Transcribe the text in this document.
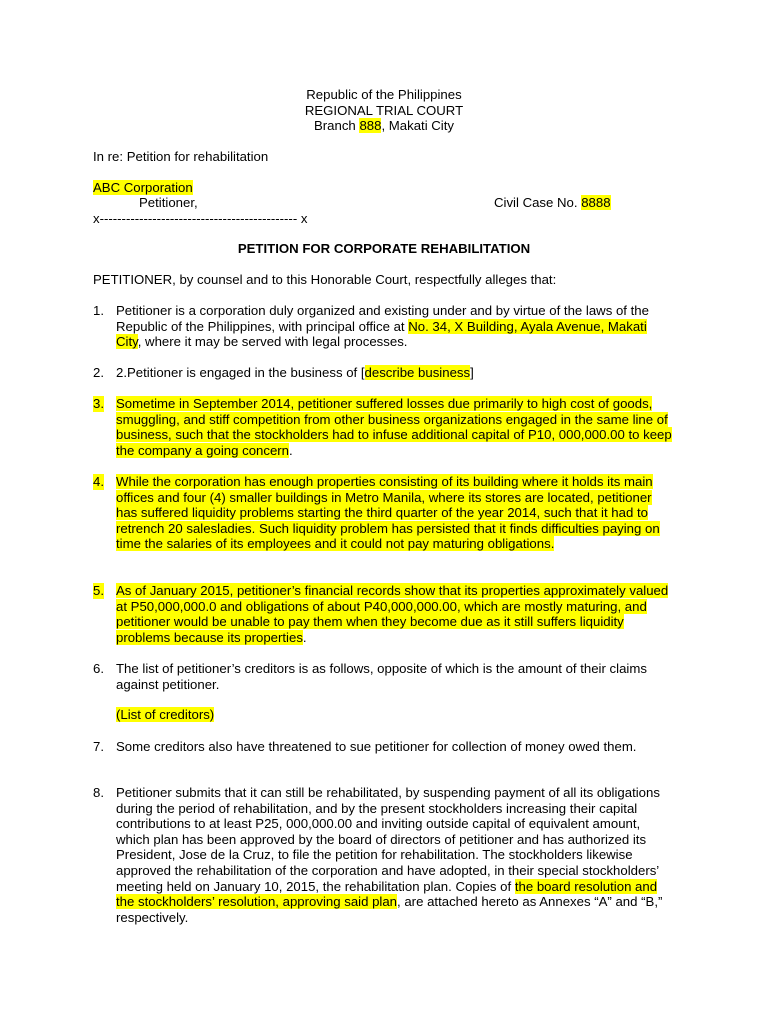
Republic of the Philippines
REGIONAL TRIAL COURT
Branch 888, Makati City
In re: Petition for rehabilitation
ABC Corporation
Petitioner,	Civil Case No. 8888
x--------------------------------------------- x
PETITION FOR CORPORATE REHABILITATION
PETITIONER, by counsel and to this Honorable Court, respectfully alleges that:
1. Petitioner is a corporation duly organized and existing under and by virtue of the laws of the Republic of the Philippines, with principal office at No. 34, X Building, Ayala Avenue, Makati City, where it may be served with legal processes.
2. 2.Petitioner is engaged in the business of [describe business]
3. Sometime in September 2014, petitioner suffered losses due primarily to high cost of goods, smuggling, and stiff competition from other business organizations engaged in the same line of business, such that the stockholders had to infuse additional capital of P10, 000,000.00 to keep the company a going concern.
4. While the corporation has enough properties consisting of its building where it holds its main offices and four (4) smaller buildings in Metro Manila, where its stores are located, petitioner has suffered liquidity problems starting the third quarter of the year 2014, such that it had to retrench 20 salesladies. Such liquidity problem has persisted that it finds difficulties paying on time the salaries of its employees and it could not pay maturing obligations.
5. As of January 2015, petitioner’s financial records show that its properties approximately valued at P50,000,000.0 and obligations of about P40,000,000.00, which are mostly maturing, and petitioner would be unable to pay them when they become due as it still suffers liquidity problems because its properties.
6. The list of petitioner’s creditors is as follows, opposite of which is the amount of their claims against petitioner.
(List of creditors)
7. Some creditors also have threatened to sue petitioner for collection of money owed them.
8. Petitioner submits that it can still be rehabilitated, by suspending payment of all its obligations during the period of rehabilitation, and by the present stockholders increasing their capital contributions to at least P25, 000,000.00 and inviting outside capital of equivalent amount, which plan has been approved by the board of directors of petitioner and has authorized its President, Jose de la Cruz, to file the petition for rehabilitation. The stockholders likewise approved the rehabilitation of the corporation and have adopted, in their special stockholders’ meeting held on January 10, 2015, the rehabilitation plan. Copies of the board resolution and the stockholders’ resolution, approving said plan, are attached hereto as Annexes “A” and “B,” respectively.
